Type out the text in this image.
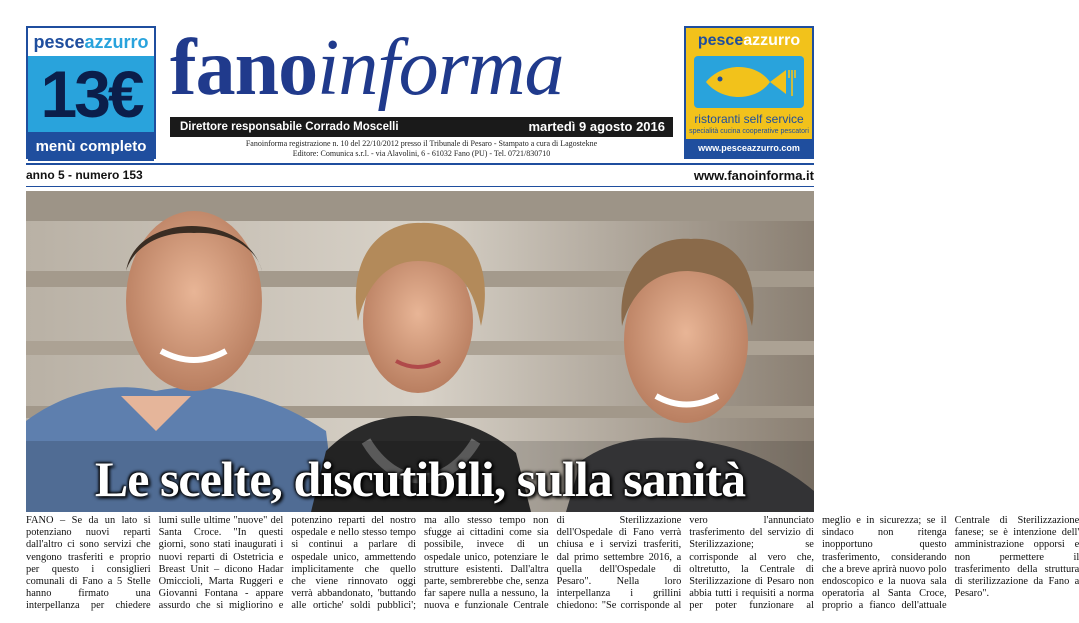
pesceazzurro
13€
menù completo
fanoinforma
Direttore responsabile Corrado Moscelli	martedì 9 agosto 2016
Fanoinforma registrazione n. 10 del 22/10/2012 presso il Tribunale di Pesaro - Stampato a cura di Lagostekne
Editore: Comunica s.r.l. - via Alavolini, 6 - 61032 Fano (PU) - Tel. 0721/830710
pesceazzurro
ristoranti self service
specialità cucina cooperative pescatori
www.pescеazzurro.com
anno 5 - numero 153	www.fanoinforma.it
Le scelte, discutibili, sulla sanità
FANO – Se da un lato si potenziano nuovi reparti dall'altro ci sono servizi che vengono trasferiti e proprio per questo i consiglieri comunali di Fano a 5 Stelle hanno firmato una interpellanza per chiedere lumi sulle ultime "nuove" del Santa Croce. "In questi giorni, sono stati inaugurati i nuovi reparti di Ostetricia e Breast Unit – dicono Hadar Omiccioli, Marta Ruggeri e Giovanni Fontana - appare assurdo che si migliorino e potenzino reparti del nostro ospedale e nello stesso tempo si continui a parlare di ospedale unico, ammettendo implicitamente che quello che viene rinnovato oggi verrà abbandonato, 'buttando alle ortiche' soldi pubblici'; ma allo stesso tempo non sfugge ai cittadini come sia possibile, invece di un ospedale unico, potenziare le strutture esistenti. Dall'altra parte, sembrerebbe che, senza far sapere nulla a nessuno, la nuova e funzionale Centrale di Sterilizzazione dell'Ospedale di Fano verrà chiusa e i servizi trasferiti, dal primo settembre 2016, a quella dell'Ospedale di Pesaro". Nella loro interpellanza i grillini chiedono: "Se corrisponde al vero l'annunciato trasferimento del servizio di Sterilizzazione; se corrisponde al vero che, oltretutto, la Centrale di Sterilizzazione di Pesaro non abbia tutti i requisiti a norma per poter funzionare al meglio e in sicurezza; se il sindaco non ritenga inopportuno questo trasferimento, considerando che a breve aprirà nuovo polo endoscopico e la nuova sala operatoria al Santa Croce, proprio a fianco dell'attuale Centrale di Sterilizzazione fanese; se è intenzione dell' amministrazione opporsi e non permettere il trasferimento della struttura di sterilizzazione da Fano a Pesaro".
